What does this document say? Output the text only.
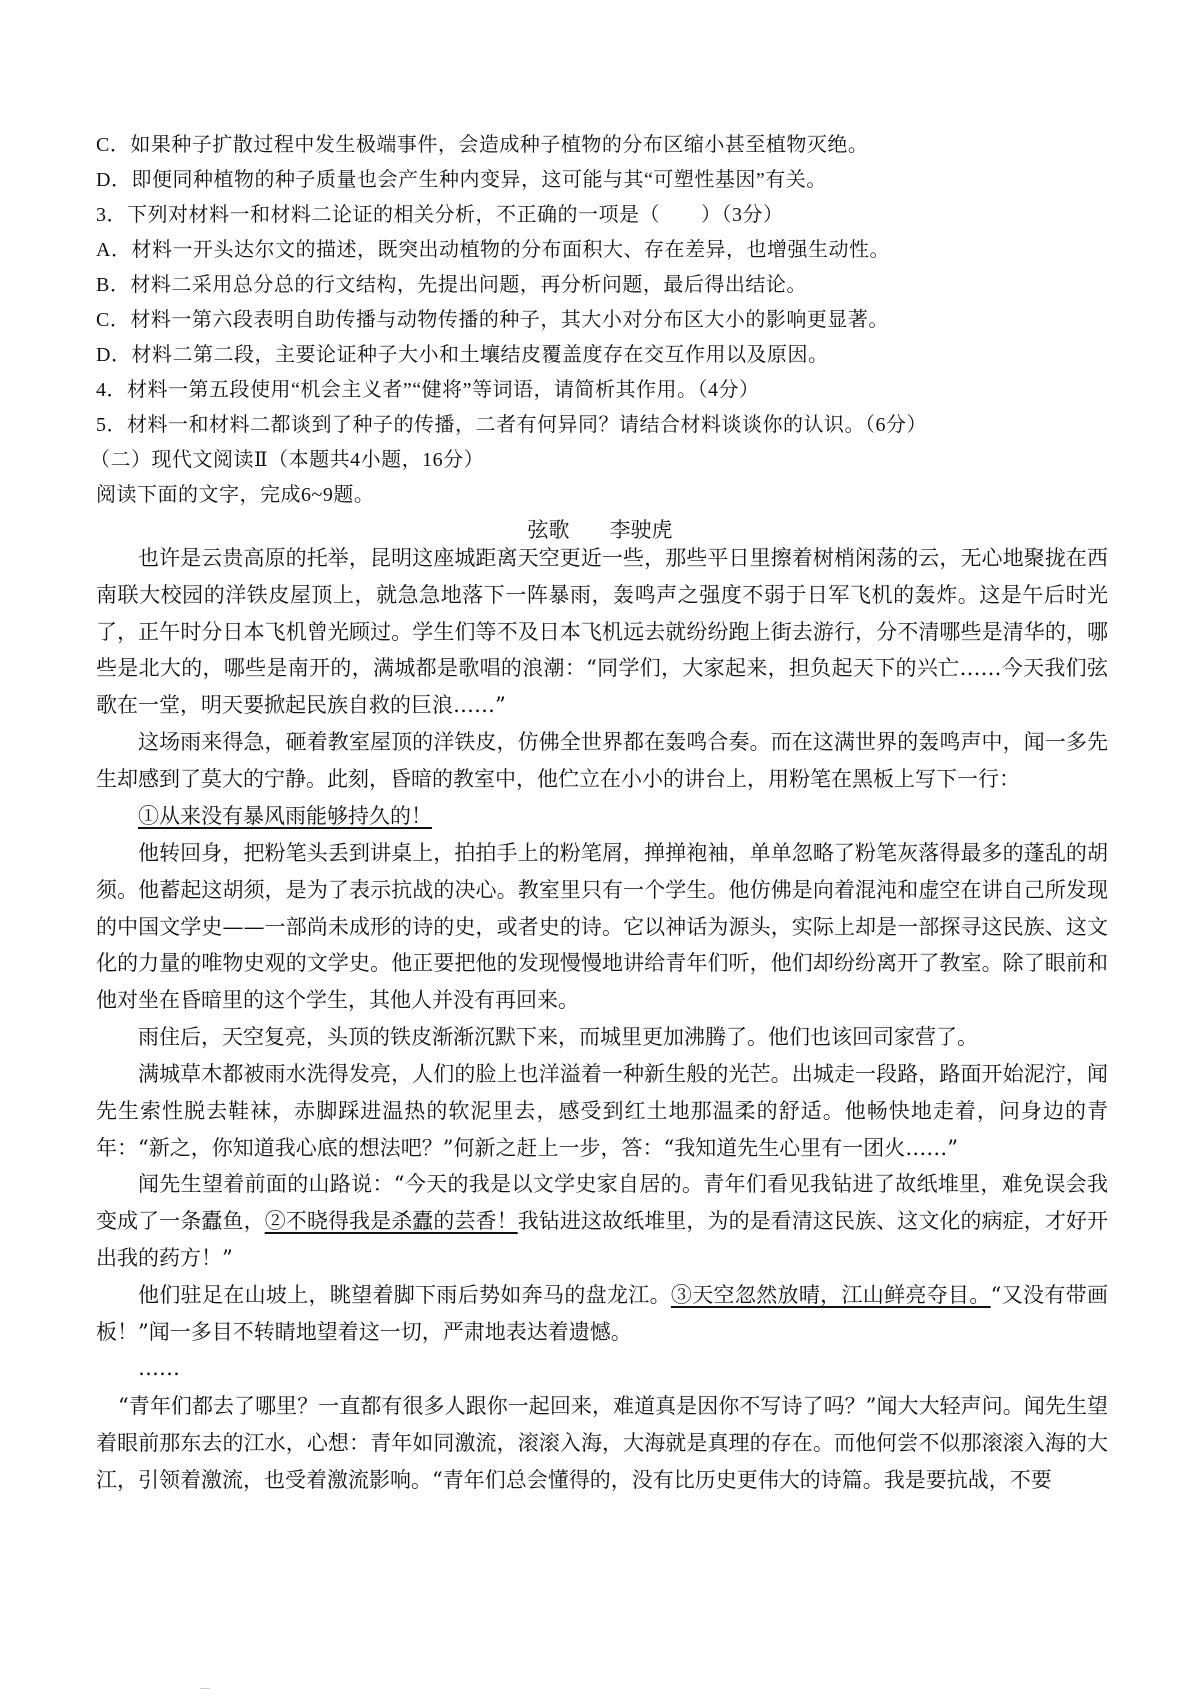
C．如果种子扩散过程中发生极端事件，会造成种子植物的分布区缩小甚至植物灭绝。
D．即便同种植物的种子质量也会产生种内变异，这可能与其“可塑性基因”有关。
3．下列对材料一和材料二论证的相关分析，不正确的一项是（　　）（3分）
A．材料一开头达尔文的描述，既突出动植物的分布面积大、存在差异，也增强生动性。
B．材料二采用总分总的行文结构，先提出问题，再分析问题，最后得出结论。
C．材料一第六段表明自助传播与动物传播的种子，其大小对分布区大小的影响更显著。
D．材料二第二段，主要论证种子大小和土壤结皮覆盖度存在交互作用以及原因。
4．材料一第五段使用“机会主义者”“健将”等词语，请简析其作用。（4分）
5．材料一和材料二都谈到了种子的传播，二者有何异同？请结合材料谈谈你的认识。（6分）
（二）现代文阅读Ⅱ（本题共4小题，16分）
阅读下面的文字，完成6~9题。
弦歌 李驶虎

也许是云贵高原的托举，昆明这座城距离天空更近一些，那些平日里擦着树梢闲荡的云，无心地聚拢在西南联大校园的洋铁皮屋顶上，就急急地落下一阵暴雨，轰鸣声之强度不弱于日军飞机的轰炸。这是午后时光了，正午时分日本飞机曾光顾过。学生们等不及日本飞机远去就纷纷跑上街去游行，分不清哪些是清华的，哪些是北大的，哪些是南开的，满城都是歌唱的浪潮：“同学们，大家起来，担负起天下的兴亡……今天我们弦歌在一堂，明天要掀起民族自救的巨浪……”

这场雨来得急，砸着教室屋顶的洋铁皮，仿佛全世界都在轰鸣合奏。而在这满世界的轰鸣声中，闻一多先生却感到了莫大的宁静。此刻，昏暗的教室中，他伫立在小小的讲台上，用粉笔在黑板上写下一行：

①从来没有暴风雨能够持久的！

他转回身，把粉笔头丢到讲桌上，拍拍手上的粉笔屑，掸掸袍袖，单单忽略了粉笔灰落得最多的蓬乱的胡须。他蓄起这胡须，是为了表示抗战的决心。教室里只有一个学生。他仿佛是向着混沌和虚空在讲自己所发现的中国文学史——一部尚未成形的诗的史，或者史的诗。它以神话为源头，实际上却是一部探寻这民族、这文化的力量的唯物史观的文学史。他正要把他的发现慢慢地讲给青年们听，他们却纷纷离开了教室。除了眼前和他对坐在昏暗里的这个学生，其他人并没有再回来。

雨住后，天空复亮，头顶的铁皮渐渐沉默下来，而城里更加沸腾了。他们也该回司家营了。

满城草木都被雨水洗得发亮，人们的脸上也洋溢着一种新生般的光芒。出城走一段路，路面开始泥泞，闻先生索性脱去鞋袜，赤脚踩进温热的软泥里去，感受到红土地那温柔的舒适。他畅快地走着，问身边的青年：“新之，你知道我心底的想法吧？”何新之赶上一步，答：“我知道先生心里有一团火……”

闻先生望着前面的山路说：“今天的我是以文学史家自居的。青年们看见我钻进了故纸堆里，难免误会我变成了一条蠹鱼，②不晓得我是杀蠹的芸香！我钻进这故纸堆里，为的是看清这民族、这文化的病症，才好开出我的药方！”

他们驻足在山坡上，眺望着脚下雨后势如奔马的盘龙江。③天空忽然放晴，江山鲜亮夺目。“又没有带画板！”闻一多目不转睛地望着这一切，严肃地表达着遗憾。

……

“青年们都去了哪里？一直都有很多人跟你一起回来，难道真是因你不写诗了吗？”闻大大轻声问。闻先生望着眼前那东去的江水，心想：青年如同激流，滚滚入海，大海就是真理的存在。而他何尝不似那滚滚入海的大江，引领着激流，也受着激流影响。“青年们总会懂得的，没有比历史更伟大的诗篇。我是要抗战，不要
